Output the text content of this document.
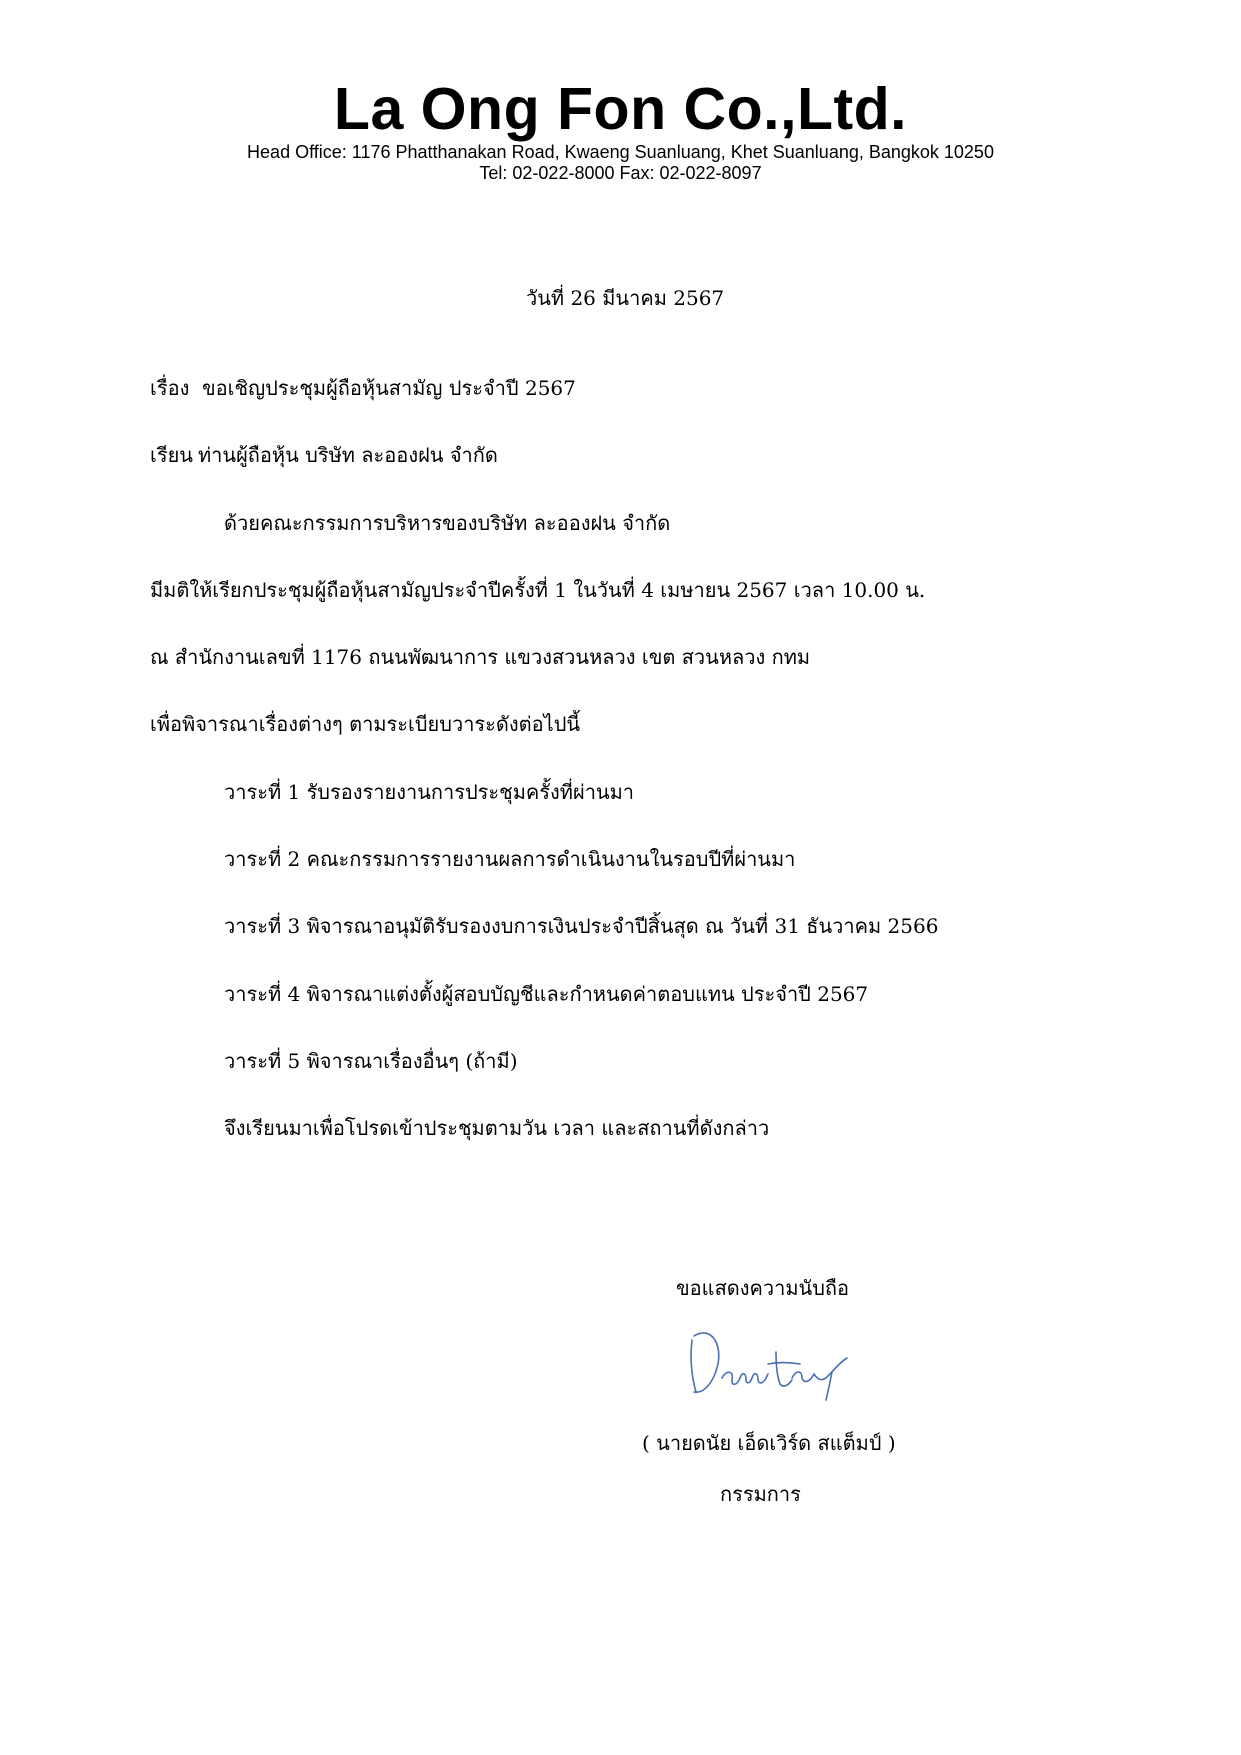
La Ong Fon Co.,Ltd.
Head Office: 1176 Phatthanakan Road, Kwaeng Suanluang, Khet Suanluang, Bangkok 10250
Tel: 02-022-8000 Fax: 02-022-8097
วันที่ 26 มีนาคม 2567
เรื่อง ขอเชิญประชุมผู้ถือหุ้นสามัญ ประจำปี 2567
เรียน ท่านผู้ถือหุ้น บริษัท ละอองฝน จำกัด
ด้วยคณะกรรมการบริหารของบริษัท ละอองฝน จำกัด
มีมติให้เรียกประชุมผู้ถือหุ้นสามัญประจำปีครั้งที่ 1 ในวันที่ 4 เมษายน 2567 เวลา 10.00 น.
ณ สำนักงานเลขที่ 1176 ถนนพัฒนาการ แขวงสวนหลวง เขต สวนหลวง กทม
เพื่อพิจารณาเรื่องต่างๆ ตามระเบียบวาระดังต่อไปนี้
วาระที่ 1 รับรองรายงานการประชุมครั้งที่ผ่านมา
วาระที่ 2 คณะกรรมการรายงานผลการดำเนินงานในรอบปีที่ผ่านมา
วาระที่ 3 พิจารณาอนุมัติรับรองงบการเงินประจำปีสิ้นสุด ณ วันที่ 31 ธันวาคม 2566
วาระที่ 4 พิจารณาแต่งตั้งผู้สอบบัญชีและกำหนดค่าตอบแทน ประจำปี 2567
วาระที่ 5 พิจารณาเรื่องอื่นๆ (ถ้ามี)
จึงเรียนมาเพื่อโปรดเข้าประชุมตามวัน เวลา และสถานที่ดังกล่าว
ขอแสดงความนับถือ
( นายดนัย เอ็ดเวิร์ด สแต็มป์ )
กรรมการ
